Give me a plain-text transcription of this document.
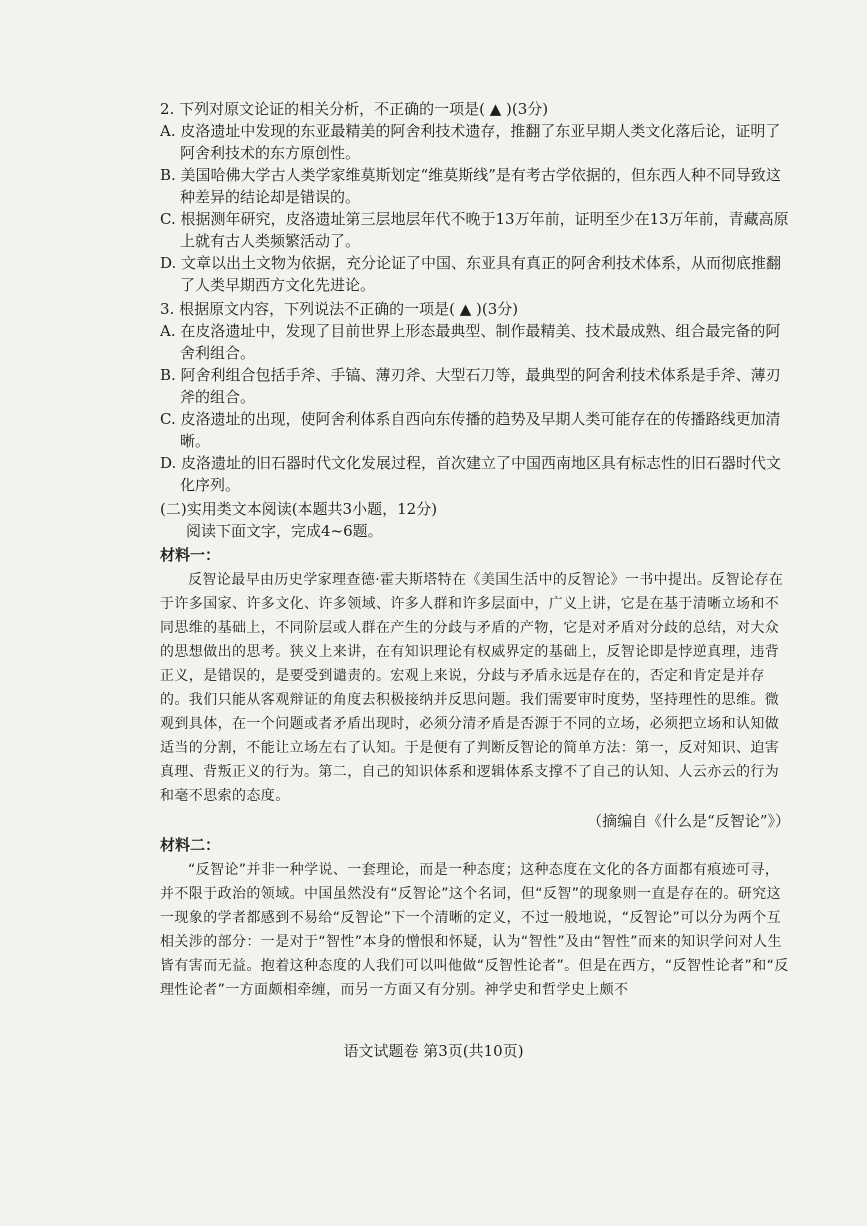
2. 下列对原文论证的相关分析，不正确的一项是( ▲ )(3分)

A. 皮洛遗址中发现的东亚最精美的阿舍利技术遗存，推翻了东亚早期人类文化落后论，证明了阿舍利技术的东方原创性。

B. 美国哈佛大学古人类学家维莫斯划定“维莫斯线”是有考古学依据的，但东西人种不同导致这种差异的结论却是错误的。

C. 根据测年研究，皮洛遗址第三层地层年代不晚于13万年前，证明至少在13万年前，青藏高原上就有古人类频繁活动了。

D. 文章以出土文物为依据，充分论证了中国、东亚具有真正的阿舍利技术体系，从而彻底推翻了人类早期西方文化先进论。

3. 根据原文内容，下列说法不正确的一项是( ▲ )(3分)

A. 在皮洛遗址中，发现了目前世界上形态最典型、制作最精美、技术最成熟、组合最完备的阿舍利组合。

B. 阿舍利组合包括手斧、手镐、薄刃斧、大型石刀等，最典型的阿舍利技术体系是手斧、薄刃斧的组合。

C. 皮洛遗址的出现，使阿舍利体系自西向东传播的趋势及早期人类可能存在的传播路线更加清晰。

D. 皮洛遗址的旧石器时代文化发展过程，首次建立了中国西南地区具有标志性的旧石器时代文化序列。

(二)实用类文本阅读(本题共3小题，12分)
阅读下面文字，完成4~6题。
材料一：

反智论最早由历史学家理查德·霍夫斯塔特在《美国生活中的反智论》一书中提出。反智论存在于许多国家、许多文化、许多领域、许多人群和许多层面中，广义上讲，它是在基于清晰立场和不同思维的基础上，不同阶层或人群在产生的分歧与矛盾的产物，它是对矛盾对分歧的总结，对大众的思想做出的思考。狭义上来讲，在有知识理论有权威界定的基础上，反智论即是悖逆真理，违背正义，是错误的，是要受到谴责的。宏观上来说，分歧与矛盾永远是存在的，否定和肯定是并存的。我们只能从客观辩证的角度去积极接纳并反思问题。我们需要审时度势，坚持理性的思维。微观到具体，在一个问题或者矛盾出现时，必须分清矛盾是否源于不同的立场，必须把立场和认知做适当的分割，不能让立场左右了认知。于是便有了判断反智论的简单方法：第一，反对知识、迫害真理、背叛正义的行为。第二，自己的知识体系和逻辑体系支撑不了自己的认知、人云亦云的行为和毫不思索的态度。

（摘编自《什么是“反智论”》）
材料二：

“反智论”并非一种学说、一套理论，而是一种态度；这种态度在文化的各方面都有痕迹可寻，并不限于政治的领域。中国虽然没有“反智论”这个名词，但“反智”的现象则一直是存在的。研究这一现象的学者都感到不易给“反智论”下一个清晰的定义，不过一般地说，“反智论”可以分为两个互相关涉的部分：一是对于“智性”本身的憎恨和怀疑，认为“智性”及由“智性”而来的知识学问对人生皆有害而无益。抱着这种态度的人我们可以叫他做“反智性论者”。但是在西方，“反智性论者”和“反理性论者”一方面颇相牵缠，而另一方面又有分别。神学史和哲学史上颇不

语文试题卷 第3页(共10页)
